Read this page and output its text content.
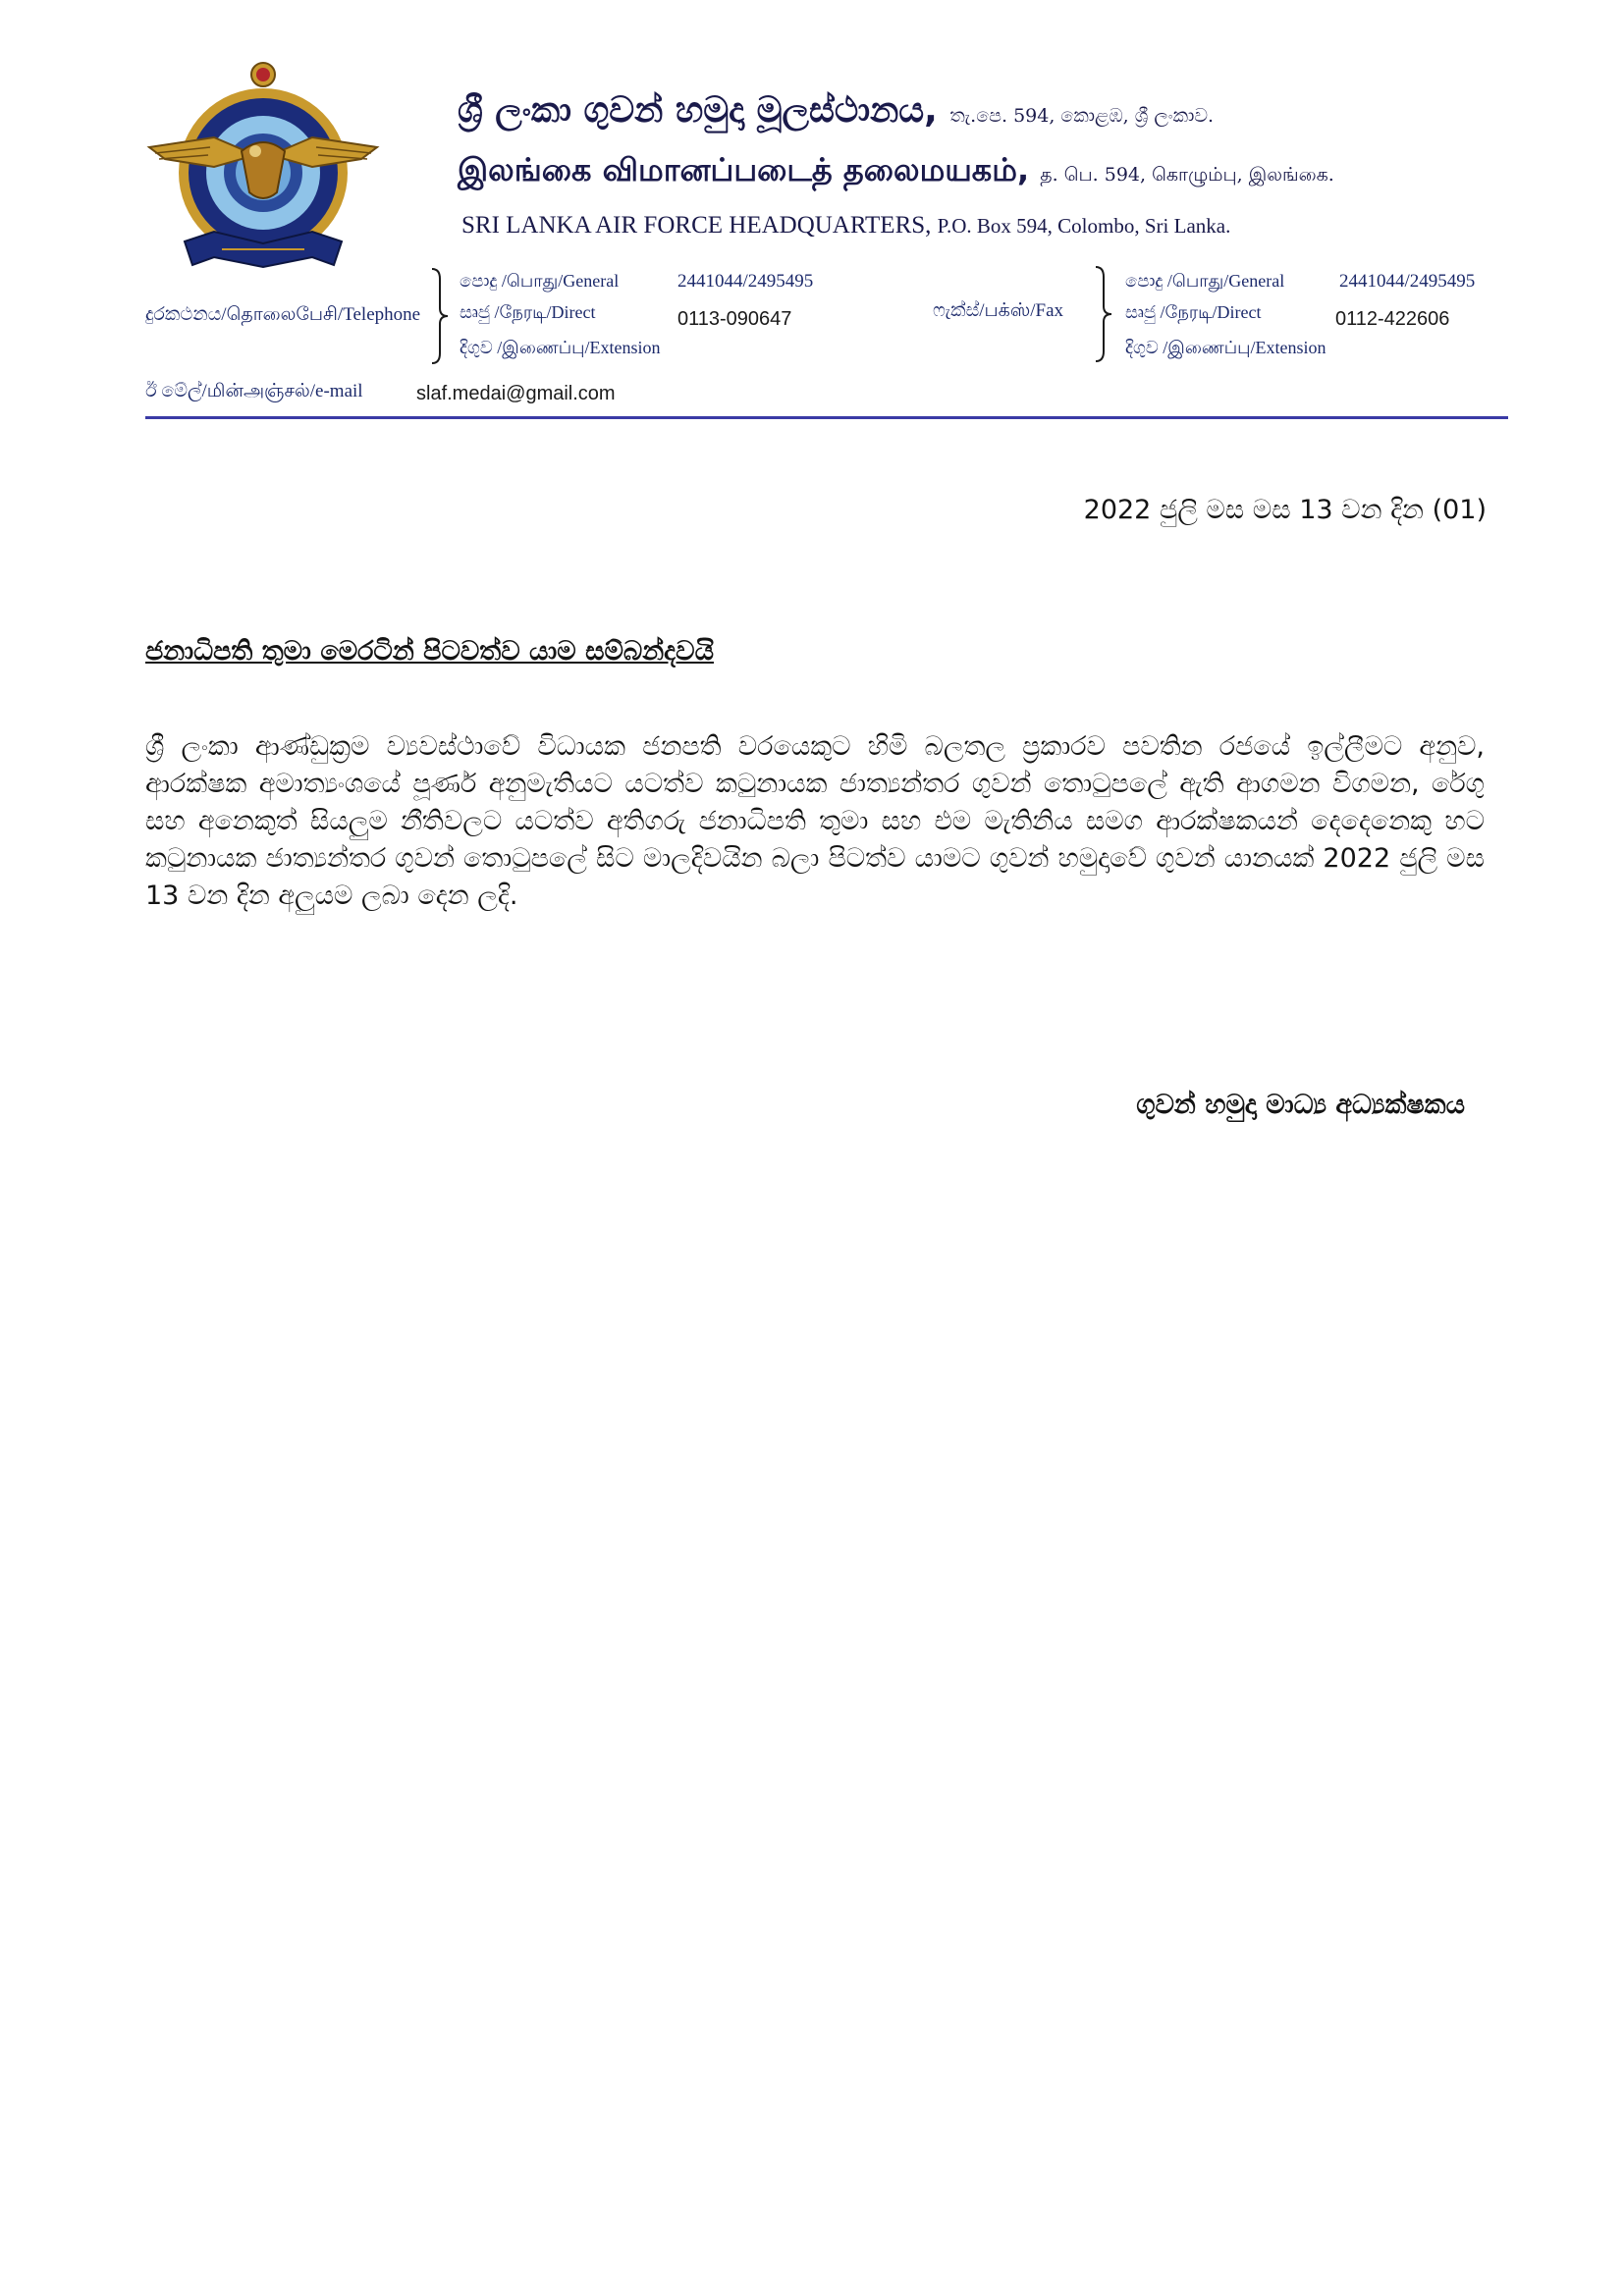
ශ්‍රී ලංකා ගුවන් හමුදා මූලස්ථානය, තැ.පෙ. 594, කොළඹ, ශ්‍රී ලංකාව.
இலங்கை விமானப்படைத் தலைமயகம், த. பெ. 594, கொழும்பு, இலங்கை.
SRI LANKA AIR FORCE HEADQUARTERS, P.O. Box 594, Colombo, Sri Lanka.
දුරකථනය/தொலைபேசி/Telephone
පොදු /பொது/General	2441044/2495495
සෘජු /நேரடி/Direct	0113-090647
දිගුව /இணைப்பு/Extension
ෆැක්ස්/பக்ஸ்/Fax
පොදු /பொது/General	2441044/2495495
සෘජු /நேரடி/Direct	0112-422606
දිගුව /இணைப்பு/Extension
ඊ මේල්/மின்அஞ்சல்/e-mail	slaf.medai@gmail.com
2022 ජුලි මස මස 13 වන දින (01)
ජනාධිපති තුමා මෙරටින් පිටවත්ව යාම සම්බන්දවයි
ශ්‍රී ලංකා ආණ්ඩුක්‍රම ව්‍යවස්ථාවේ විධායක ජනපති වරයෙකුට හිමි බලතල ප්‍රකාරව පවතින රජයේ ඉල්ලීමට අනුව, ආරක්ෂක අමාත්‍යංශයේ පූර්ණ අනුමැතියට යටත්ව කටුනායක ජාත්‍යන්තර ගුවන් තොටුපලේ ඇති ආගමන විගමන, රේගු සහ අනෙකුත් සියලුම නීතිවලට යටත්ව අතිගරු ජනාධිපති තුමා සහ එම මැතිනිය සමග ආරක්ෂකයන් දෙදෙනෙකු හට කටුනායක ජාත්‍යන්තර ගුවන් තොටුපලේ සිට මාලදිවයින බලා පිටත්ව යාමට ගුවන් හමුදාවේ ගුවන් යානයක් 2022 ජුලි මස 13 වන දින අලුයම ලබා දෙන ලදි.
ගුවන් හමුදා මාධ්‍ය අධ්‍යක්ෂකය
